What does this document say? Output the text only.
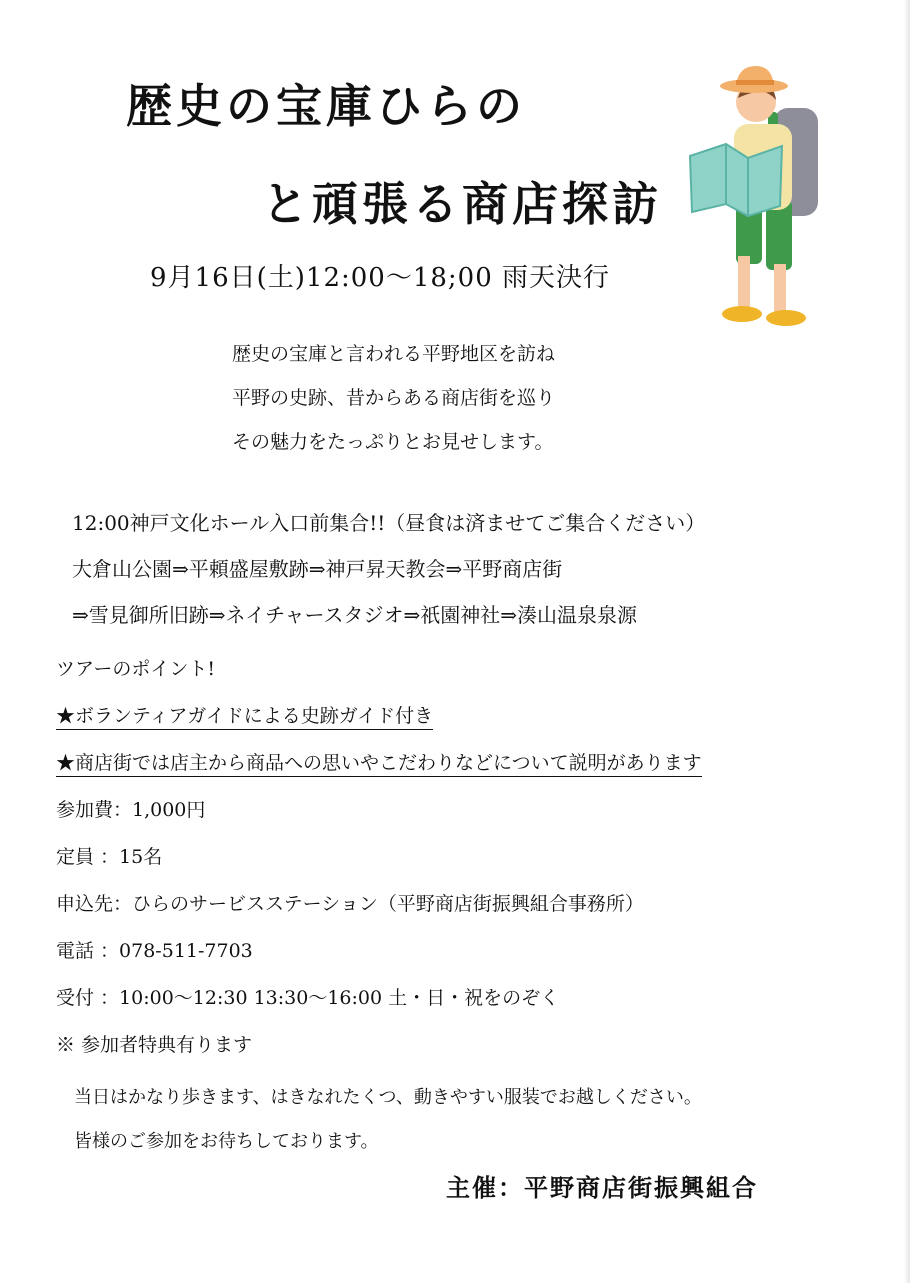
歴史の宝庫ひらの
と頑張る商店探訪
9月16日(土)12:00〜18;00 雨天決行
歴史の宝庫と言われる平野地区を訪ね
平野の史跡、昔からある商店街を巡り
その魅力をたっぷりとお見せします。
12:00神戸文化ホール入口前集合!!（昼食は済ませてご集合ください）
大倉山公園⇒平頼盛屋敷跡⇒神戸昇天教会⇒平野商店街
⇒雪見御所旧跡⇒ネイチャースタジオ⇒祇園神社⇒湊山温泉泉源
ツアーのポイント!
★ボランティアガイドによる史跡ガイド付き
★商店街では店主から商品への思いやこだわりなどについて説明があります
参加費：1,000円
定員 ：15名
申込先：ひらのサービスステーション（平野商店街振興組合事務所）
電話 ：078-511-7703
受付 ：10:00〜12:30 13:30〜16:00 土・日・祝をのぞく
※ 参加者特典有ります
当日はかなり歩きます、はきなれたくつ、動きやすい服装でお越しください。
皆様のご参加をお待ちしております。
主催：平野商店街振興組合
